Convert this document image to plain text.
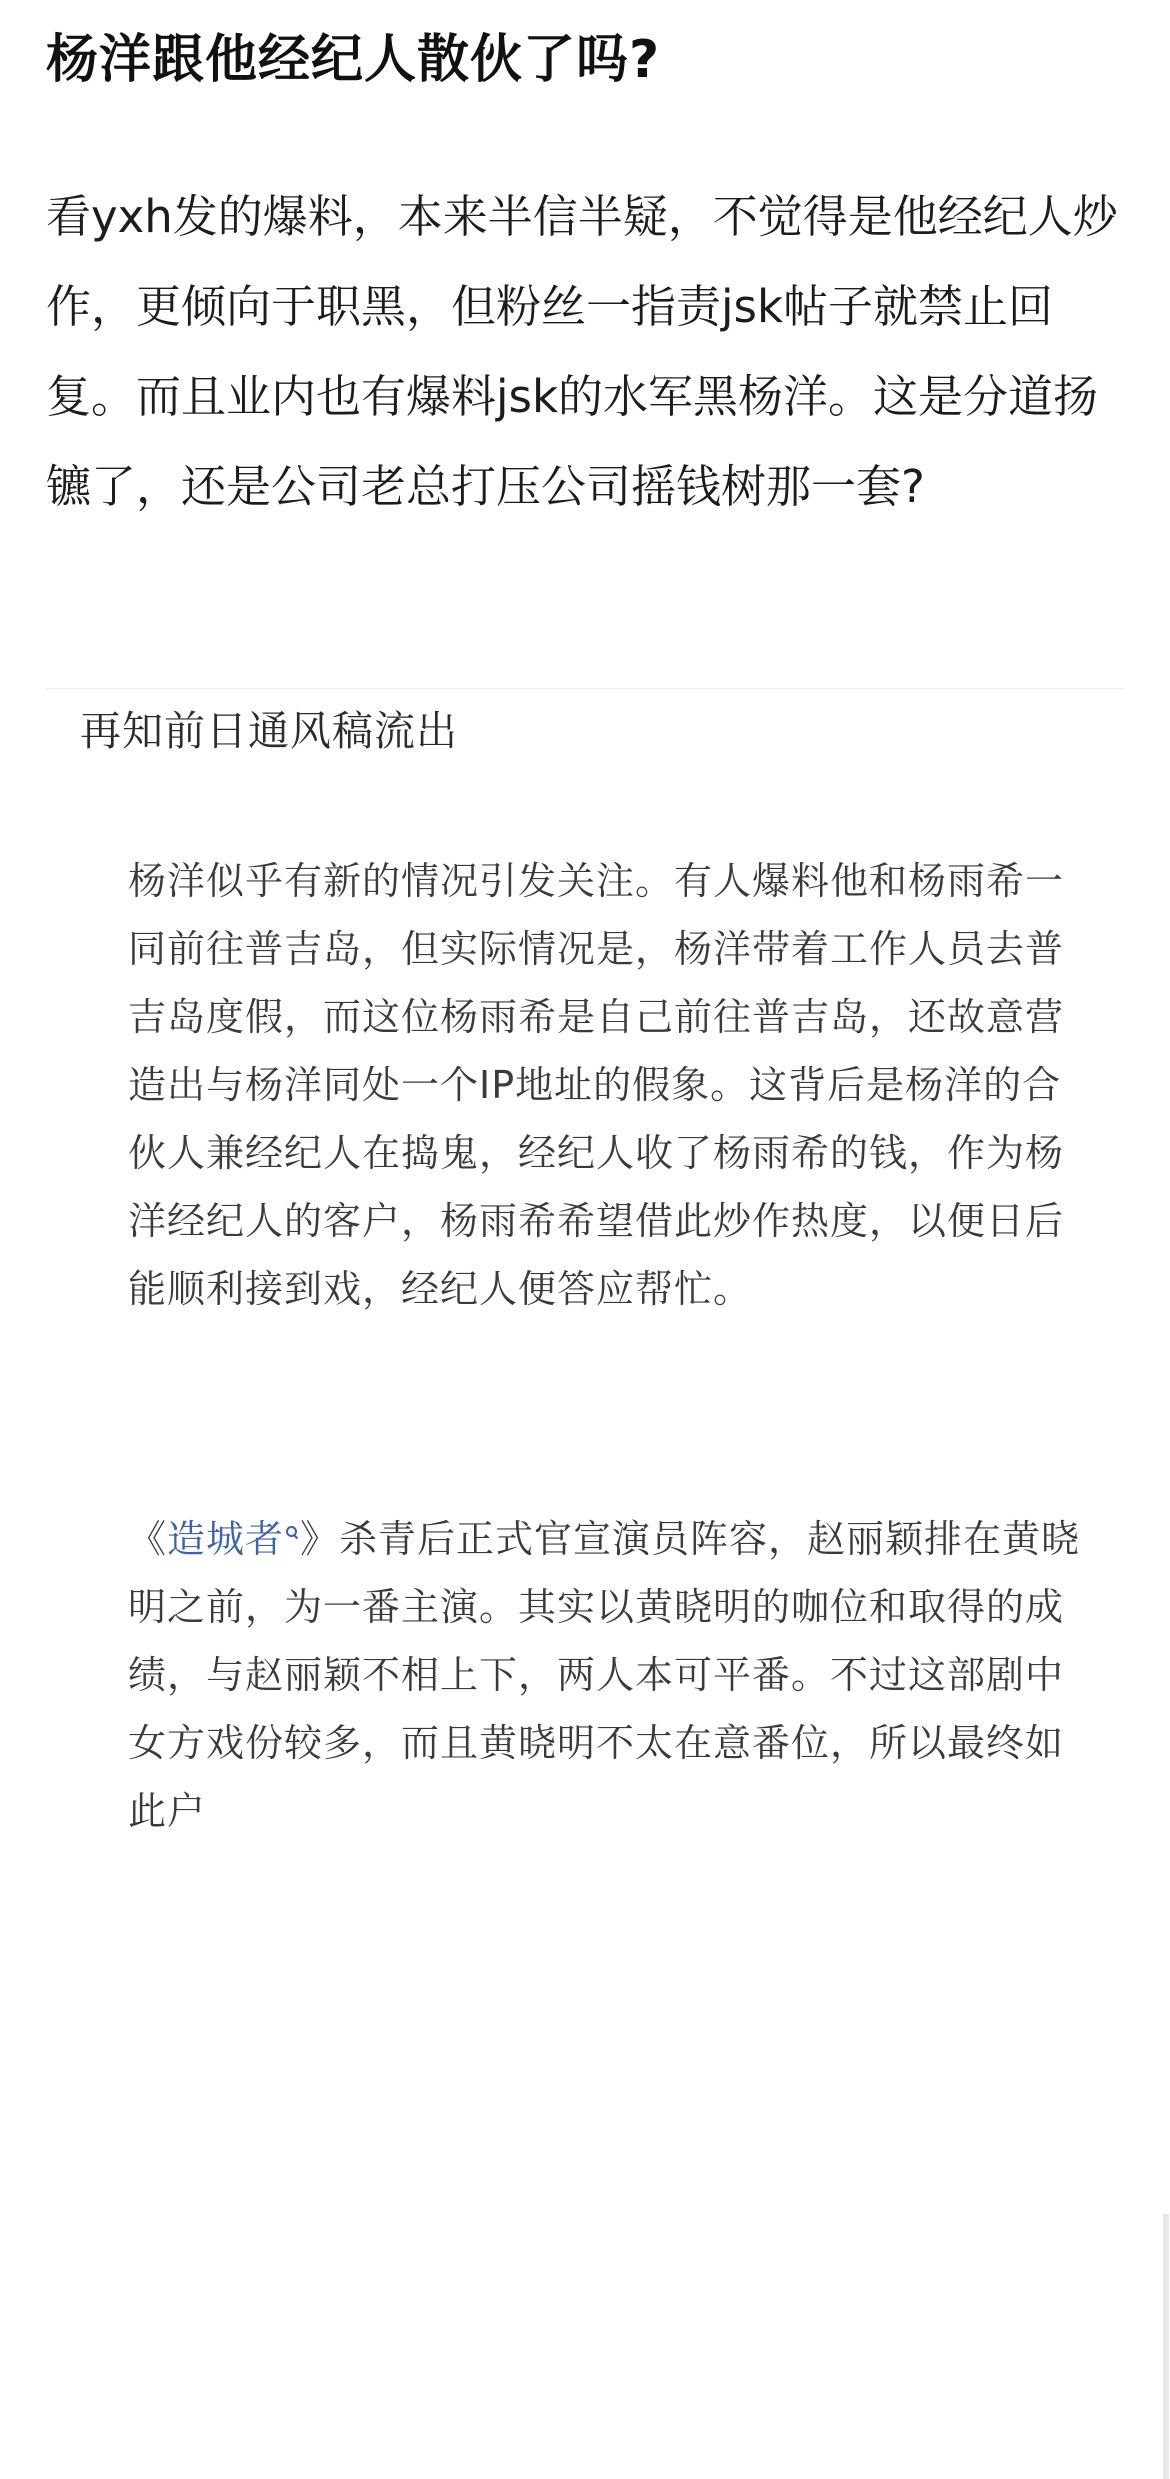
杨洋跟他经纪人散伙了吗?

看yxh发的爆料，本来半信半疑，不觉得是他经纪人炒作，更倾向于职黑，但粉丝一指责jsk帖子就禁止回复。而且业内也有爆料jsk的水军黑杨洋。这是分道扬镳了，还是公司老总打压公司摇钱树那一套?

再知前日通风稿流出

杨洋似乎有新的情况引发关注。有人爆料他和杨雨希一同前往普吉岛，但实际情况是，杨洋带着工作人员去普吉岛度假，而这位杨雨希是自己前往普吉岛，还故意营造出与杨洋同处一个IP地址的假象。这背后是杨洋的合伙人兼经纪人在捣鬼，经纪人收了杨雨希的钱，作为杨洋经纪人的客户，杨雨希希望借此炒作热度，以便日后能顺利接到戏，经纪人便答应帮忙。

《造城者 》杀青后正式官宣演员阵容，赵丽颖排在黄晓明之前，为一番主演。其实以黄晓明的咖位和取得的成绩，与赵丽颖不相上下，两人本可平番。不过这部剧中女方戏份较多，而且黄晓明不太在意番位，所以最终如此户
